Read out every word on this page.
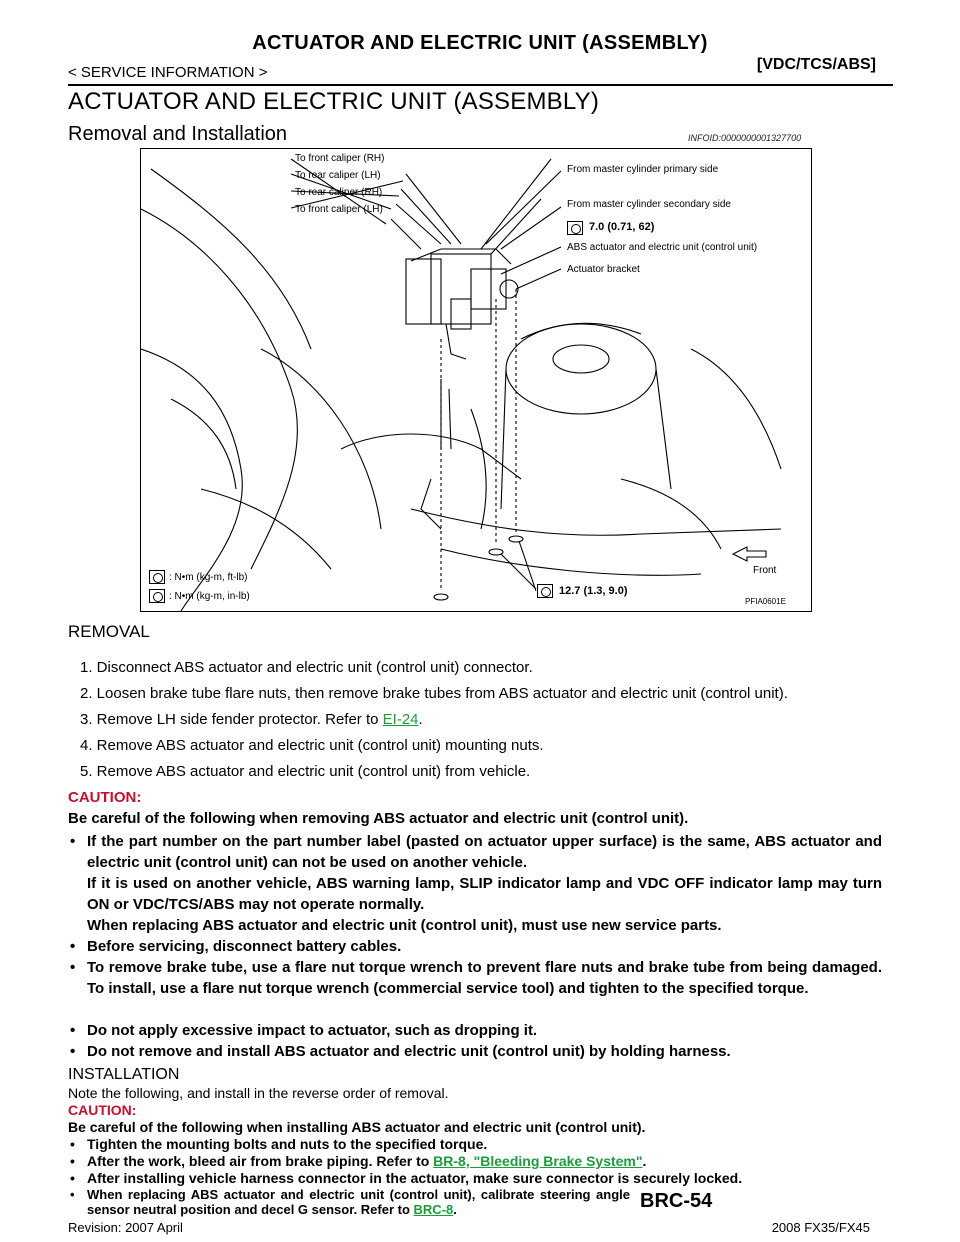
ACTUATOR AND ELECTRIC UNIT (ASSEMBLY)
< SERVICE INFORMATION >	[VDC/TCS/ABS]
ACTUATOR AND ELECTRIC UNIT (ASSEMBLY)
Removal and Installation	INFOID:0000000001327700
To front caliper (RH)
To rear caliper (LH)
To rear caliper (RH)
To front caliper (LH)
From master cylinder primary side
From master cylinder secondary side
7.0 (0.71, 62)
ABS actuator and electric unit (control unit)
Actuator bracket
Front
12.7 (1.3, 9.0)
: N•m (kg-m, ft-lb)
: N•m (kg-m, in-lb)	PFIA0601E
REMOVAL
1. Disconnect ABS actuator and electric unit (control unit) connector.
2. Loosen brake tube flare nuts, then remove brake tubes from ABS actuator and electric unit (control unit).
3. Remove LH side fender protector. Refer to EI-24.
4. Remove ABS actuator and electric unit (control unit) mounting nuts.
5. Remove ABS actuator and electric unit (control unit) from vehicle.
CAUTION:
Be careful of the following when removing ABS actuator and electric unit (control unit).
• If the part number on the part number label (pasted on actuator upper surface) is the same, ABS actuator and electric unit (control unit) can not be used on another vehicle.
If it is used on another vehicle, ABS warning lamp, SLIP indicator lamp and VDC OFF indicator lamp may turn ON or VDC/TCS/ABS may not operate normally.
When replacing ABS actuator and electric unit (control unit), must use new service parts.
• Before servicing, disconnect battery cables.
• To remove brake tube, use a flare nut torque wrench to prevent flare nuts and brake tube from being damaged. To install, use a flare nut torque wrench (commercial service tool) and tighten to the specified torque.
• Do not apply excessive impact to actuator, such as dropping it.
• Do not remove and install ABS actuator and electric unit (control unit) by holding harness.
INSTALLATION
Note the following, and install in the reverse order of removal.
CAUTION:
Be careful of the following when installing ABS actuator and electric unit (control unit).
• Tighten the mounting bolts and nuts to the specified torque.
• After the work, bleed air from brake piping. Refer to BR-8, "Bleeding Brake System".
• After installing vehicle harness connector in the actuator, make sure connector is securely locked.
• When replacing ABS actuator and electric unit (control unit), calibrate steering angle sensor neutral position and decel G sensor. Refer to BRC-8.	BRC-54
Revision: 2007 April	2008 FX35/FX45
